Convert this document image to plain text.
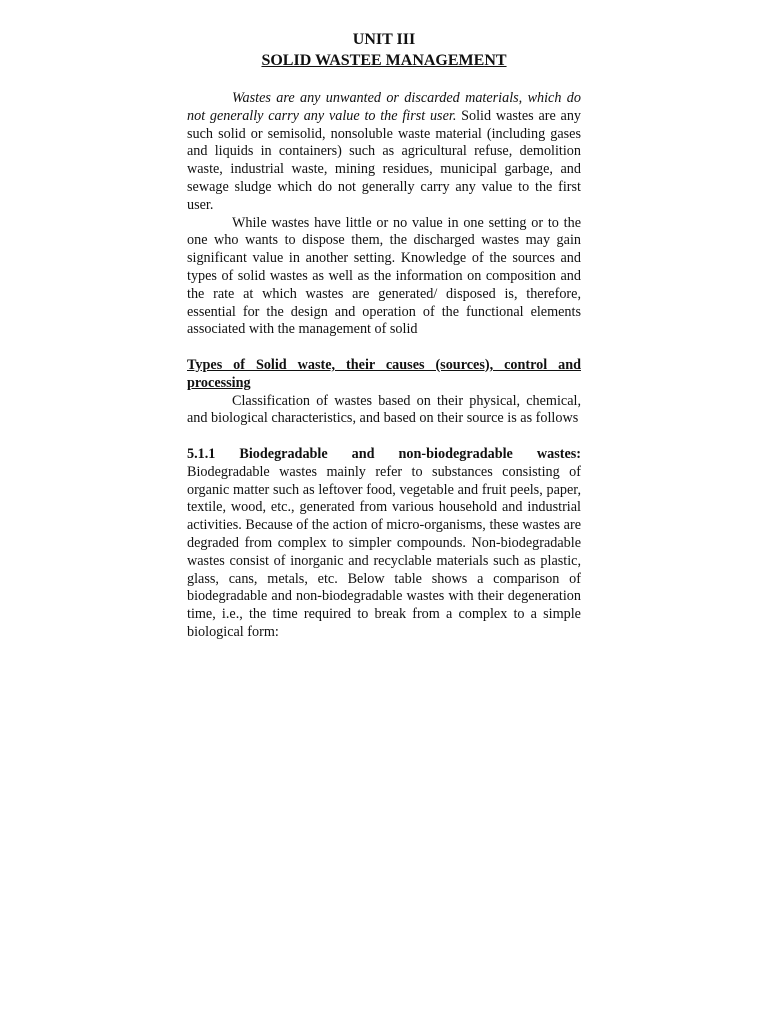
UNIT III
SOLID WASTEE MANAGEMENT

Wastes are any unwanted or discarded materials, which do not generally carry any value to the first user. Solid wastes are any such solid or semisolid, nonsoluble waste material (including gases and liquids in containers) such as agricultural refuse, demolition waste, industrial waste, mining residues, municipal garbage, and sewage sludge which do not generally carry any value to the first user.

While wastes have little or no value in one setting or to the one who wants to dispose them, the discharged wastes may gain significant value in another setting. Knowledge of the sources and types of solid wastes as well as the information on composition and the rate at which wastes are generated/ disposed is, therefore, essential for the design and operation of the functional elements associated with the management of solid

Types of Solid waste, their causes (sources), control and processing

Classification of wastes based on their physical, chemical, and biological characteristics, and based on their source is as follows

5.1.1 Biodegradable and non-biodegradable wastes: Biodegradable wastes mainly refer to substances consisting of organic matter such as leftover food, vegetable and fruit peels, paper, textile, wood, etc., generated from various household and industrial activities. Because of the action of micro-organisms, these wastes are degraded from complex to simpler compounds. Non-biodegradable wastes consist of inorganic and recyclable materials such as plastic, glass, cans, metals, etc. Below table shows a comparison of biodegradable and non-biodegradable wastes with their degeneration time, i.e., the time required to break from a complex to a simple biological form:
